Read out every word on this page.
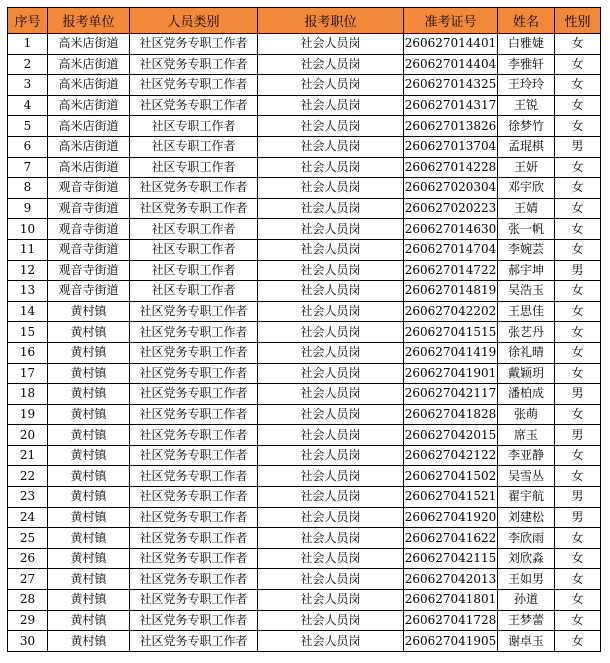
序号	报考单位	人员类别	报考职位	准考证号	姓名	性别
1	高米店街道	社区党务专职工作者	社会人员岗	260627014401	白雅婕	女
2	高米店街道	社区党务专职工作者	社会人员岗	260627014404	李雅轩	女
3	高米店街道	社区党务专职工作者	社会人员岗	260627014325	王玲玲	女
4	高米店街道	社区党务专职工作者	社会人员岗	260627014317	王锐	女
5	高米店街道	社区专职工作者	社会人员岗	260627013826	徐梦竹	女
6	高米店街道	社区专职工作者	社会人员岗	260627013704	孟琨棋	男
7	高米店街道	社区专职工作者	社会人员岗	260627014228	王妍	女
8	观音寺街道	社区党务专职工作者	社会人员岗	260627020304	邓宇欣	女
9	观音寺街道	社区党务专职工作者	社会人员岗	260627020223	王婧	女
10	观音寺街道	社区专职工作者	社会人员岗	260627014630	张一帆	女
11	观音寺街道	社区专职工作者	社会人员岗	260627014704	李婉芸	女
12	观音寺街道	社区专职工作者	社会人员岗	260627014722	郝宇坤	男
13	观音寺街道	社区专职工作者	社会人员岗	260627014819	吴浩玉	女
14	黄村镇	社区党务专职工作者	社会人员岗	260627042202	王思佳	女
15	黄村镇	社区党务专职工作者	社会人员岗	260627041515	张艺丹	女
16	黄村镇	社区党务专职工作者	社会人员岗	260627041419	徐礼晴	女
17	黄村镇	社区党务专职工作者	社会人员岗	260627041901	戴颖玥	女
18	黄村镇	社区党务专职工作者	社会人员岗	260627042117	潘柏成	男
19	黄村镇	社区党务专职工作者	社会人员岗	260627041828	张萌	女
20	黄村镇	社区党务专职工作者	社会人员岗	260627042015	席玉	男
21	黄村镇	社区党务专职工作者	社会人员岗	260627042122	李亚静	女
22	黄村镇	社区党务专职工作者	社会人员岗	260627041502	吴雪丛	女
23	黄村镇	社区党务专职工作者	社会人员岗	260627041521	翟宇航	男
24	黄村镇	社区党务专职工作者	社会人员岗	260627041920	刘建松	男
25	黄村镇	社区党务专职工作者	社会人员岗	260627041622	李欣雨	女
26	黄村镇	社区党务专职工作者	社会人员岗	260627042115	刘欣淼	女
27	黄村镇	社区党务专职工作者	社会人员岗	260627042013	王如男	女
28	黄村镇	社区党务专职工作者	社会人员岗	260627041801	孙道	女
29	黄村镇	社区党务专职工作者	社会人员岗	260627041728	王梦蕾	女
30	黄村镇	社区党务专职工作者	社会人员岗	260627041905	谢卓玉	女
